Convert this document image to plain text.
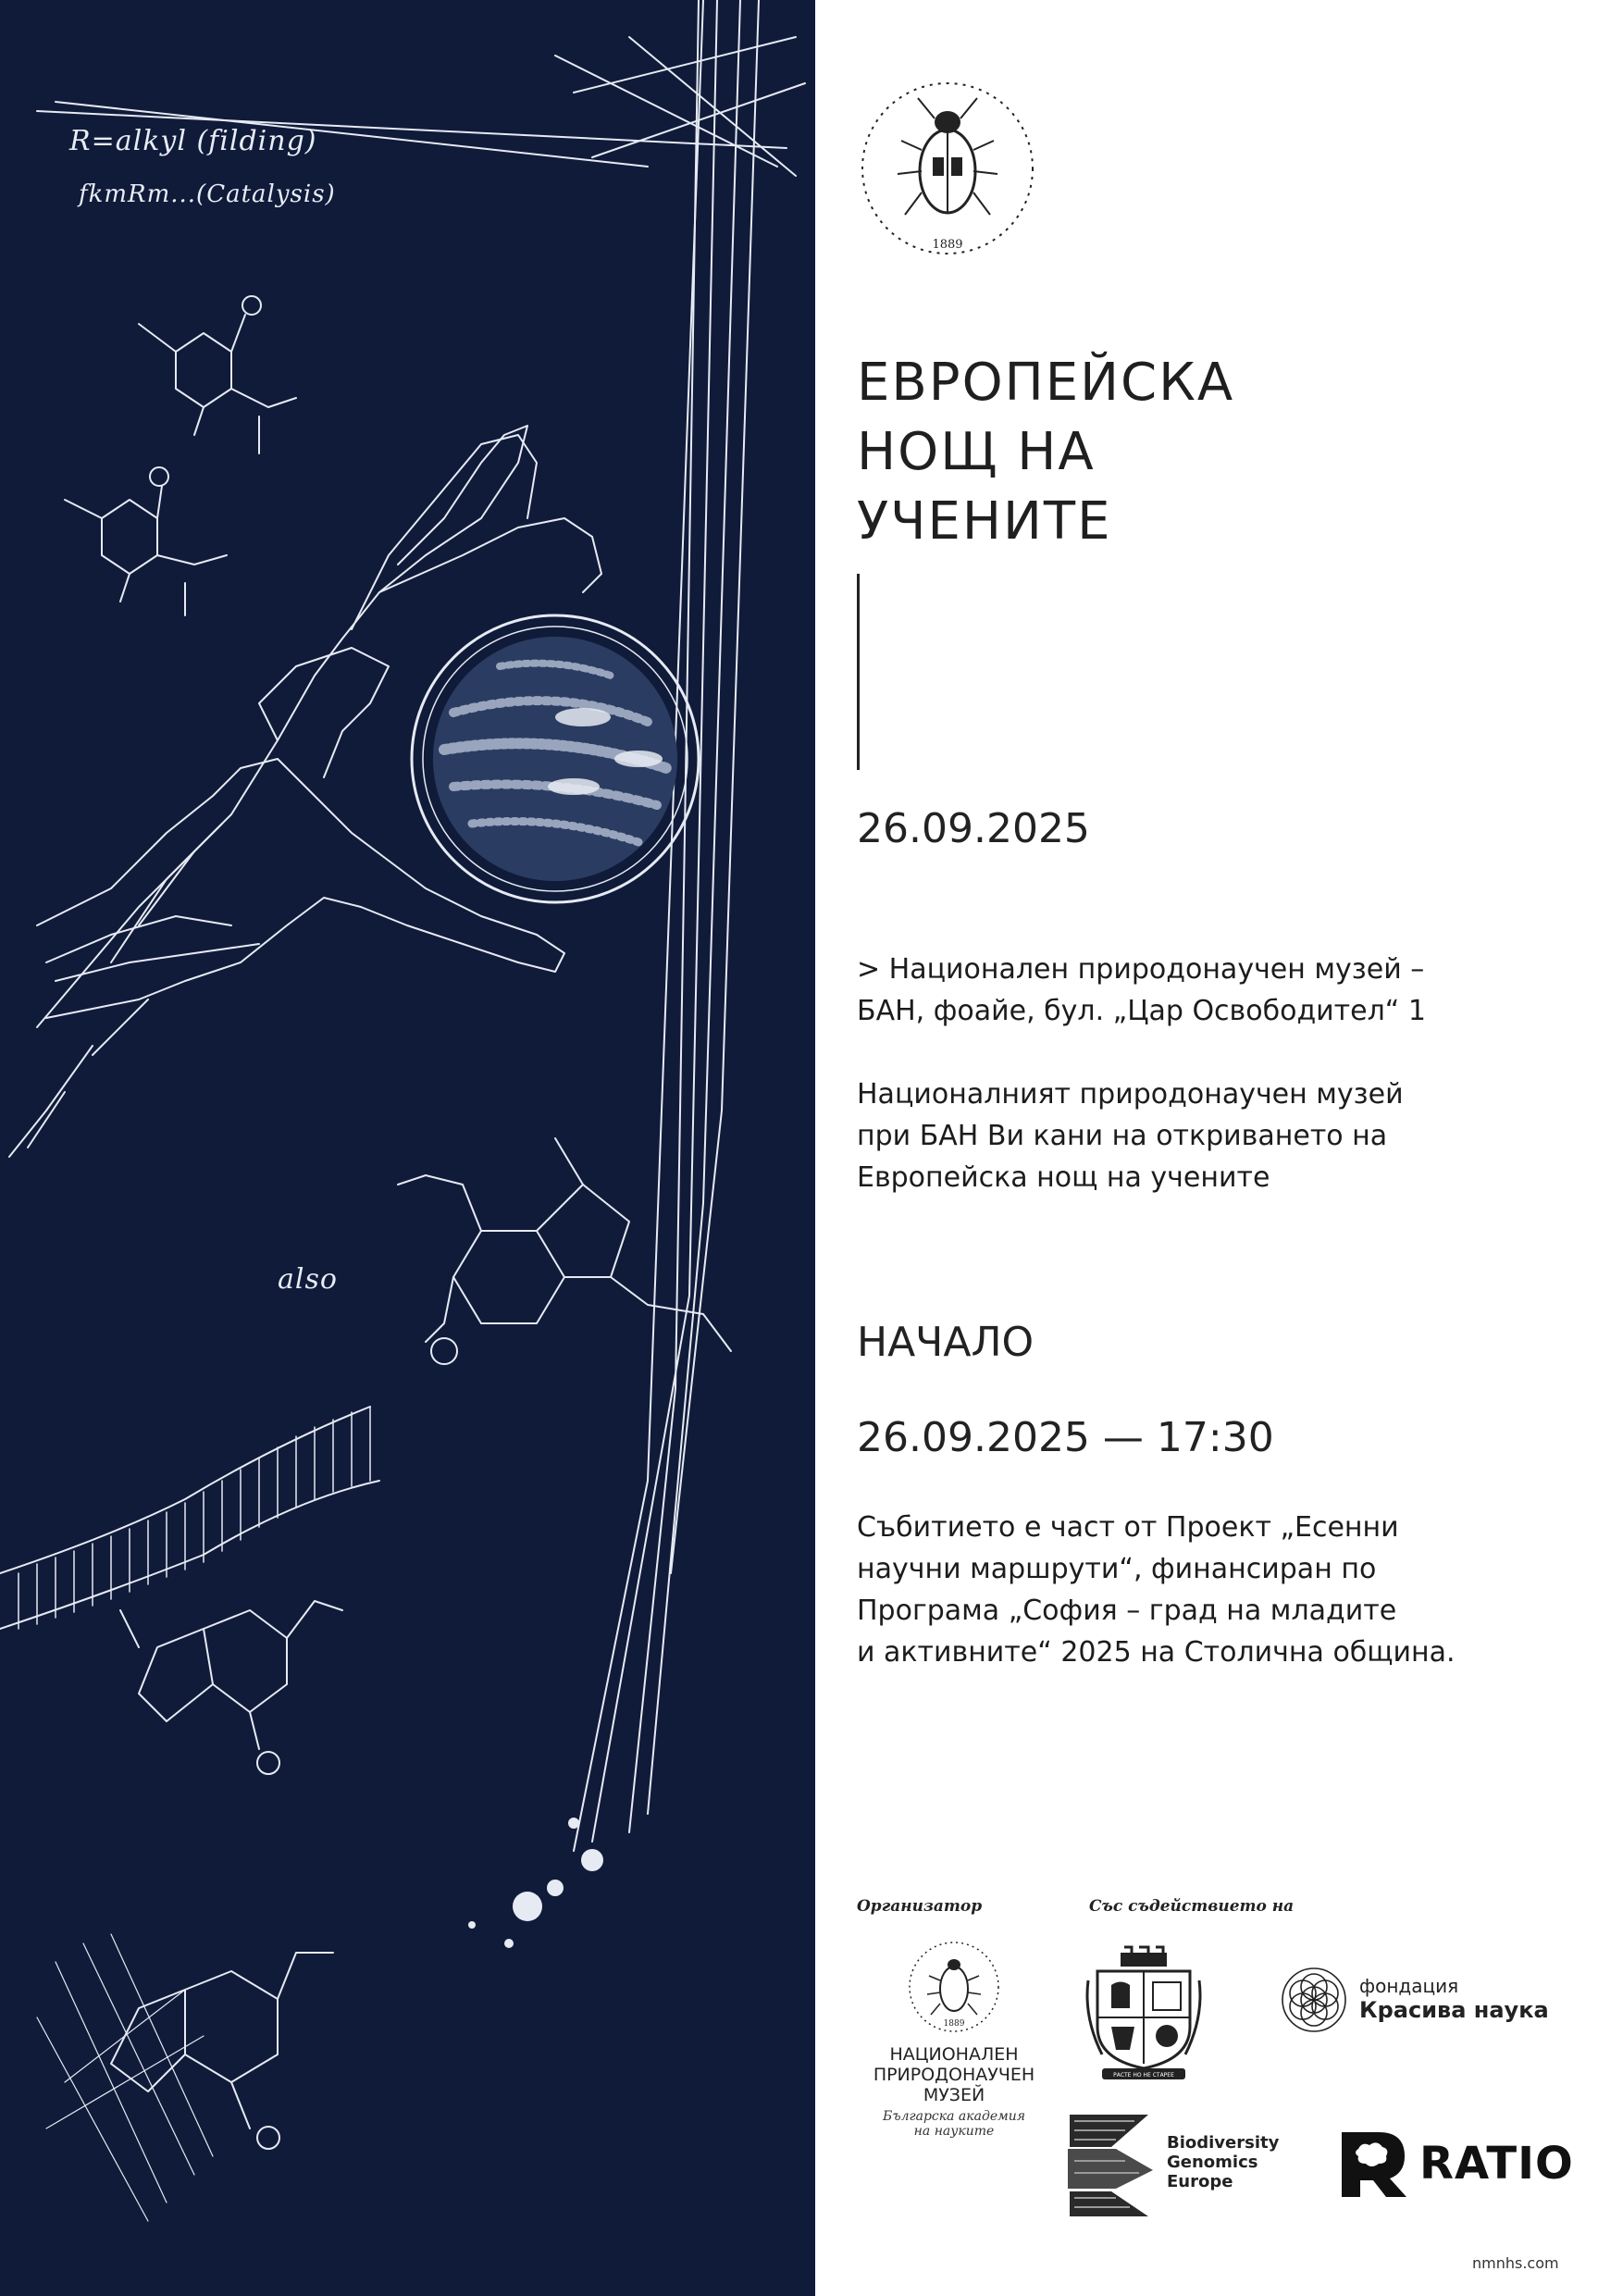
R=alkyl (filding)
fkmRm...(Catalysis)
also
1889
ЕВРОПЕЙСКА
НОЩ НА
УЧЕНИТЕ
26.09.2025
> Национален природонаучен музей –
БАН, фоайе, бул. „Цар Освободител“ 1
Националният природонаучен музей
при БАН Ви кани на откриването на
Европейска нощ на учените
НАЧАЛО
26.09.2025 — 17:30
Събитието е част от Проект „Есенни
научни маршрути“, финансиран по
Програма „София – град на младите
и активните“ 2025 на Столична община.
Организатор	Със съдействието на
1889
НАЦИОНАЛЕН
ПРИРОДОНАУЧЕН
МУЗЕЙ
Българска академия
на науките
РАСТЕ НО НЕ СТАРЕЕ
фондация
Красива наука
Biodiversity
Genomics
Europe	RATIO
nmnhs.com
